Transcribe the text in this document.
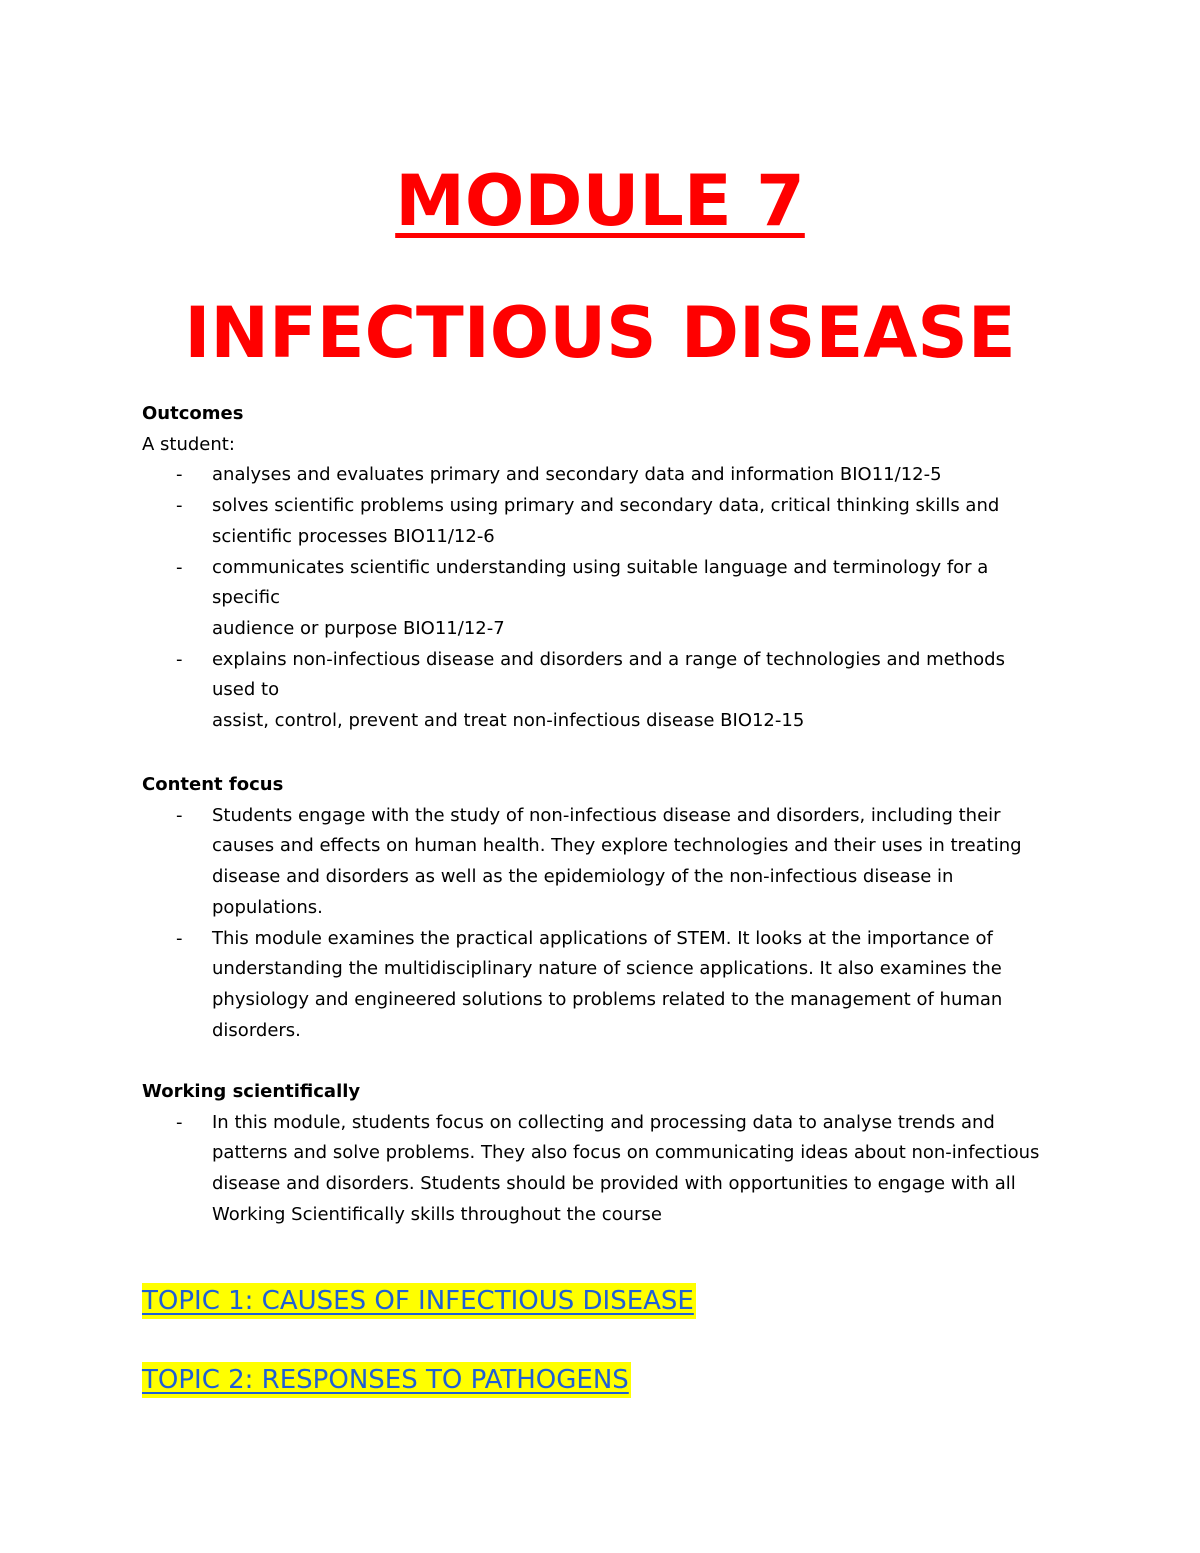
MODULE 7
INFECTIOUS DISEASE

Outcomes

A student:

- analyses and evaluates primary and secondary data and information BIO11/12-5
- solves scientific problems using primary and secondary data, critical thinking skills and
scientific processes BIO11/12-6
- communicates scientific understanding using suitable language and terminology for a
specific
audience or purpose BIO11/12-7
- explains non-infectious disease and disorders and a range of technologies and methods
used to
assist, control, prevent and treat non-infectious disease BIO12-15

Content focus

- Students engage with the study of non-infectious disease and disorders, including their
causes and effects on human health. They explore technologies and their uses in treating
disease and disorders as well as the epidemiology of the non-infectious disease in
populations.
- This module examines the practical applications of STEM. It looks at the importance of
understanding the multidisciplinary nature of science applications. It also examines the
physiology and engineered solutions to problems related to the management of human
disorders.

Working scientifically

- In this module, students focus on collecting and processing data to analyse trends and
patterns and solve problems. They also focus on communicating ideas about non-infectious
disease and disorders. Students should be provided with opportunities to engage with all
Working Scientifically skills throughout the course
TOPIC 1: CAUSES OF INFECTIOUS DISEASE
TOPIC 2: RESPONSES TO PATHOGENS
